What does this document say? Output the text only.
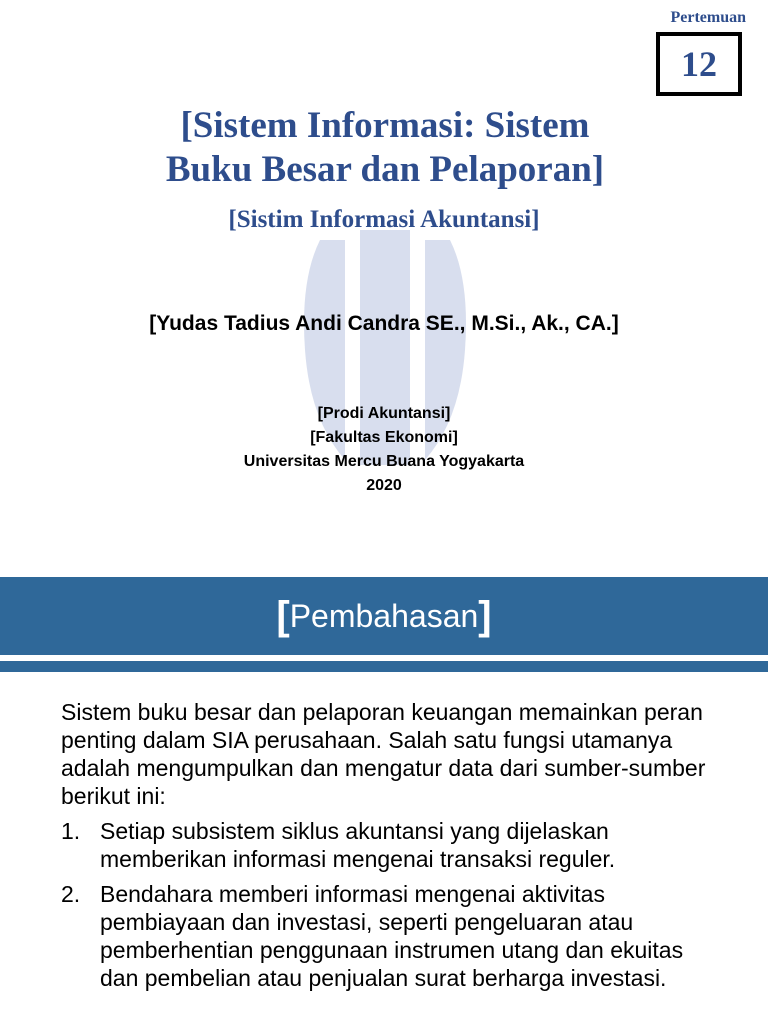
Pertemuan
12
[Sistem Informasi: Sistem
Buku Besar dan Pelaporan]
[Sistim Informasi Akuntansi]
[Yudas Tadius Andi Candra SE., M.Si., Ak., CA.]
[Prodi Akuntansi]
[Fakultas Ekonomi]
Universitas Mercu Buana Yogyakarta
2020
[ Pembahasan ]

Sistem buku besar dan pelaporan keuangan memainkan peran penting dalam SIA perusahaan. Salah satu fungsi utamanya adalah mengumpulkan dan mengatur data dari sumber-sumber berikut ini:

1. Setiap subsistem siklus akuntansi yang dijelaskan memberikan informasi mengenai transaksi reguler.
2. Bendahara memberi informasi mengenai aktivitas pembiayaan dan investasi, seperti pengeluaran atau pemberhentian penggunaan instrumen utang dan ekuitas dan pembelian atau penjualan surat berharga investasi.
